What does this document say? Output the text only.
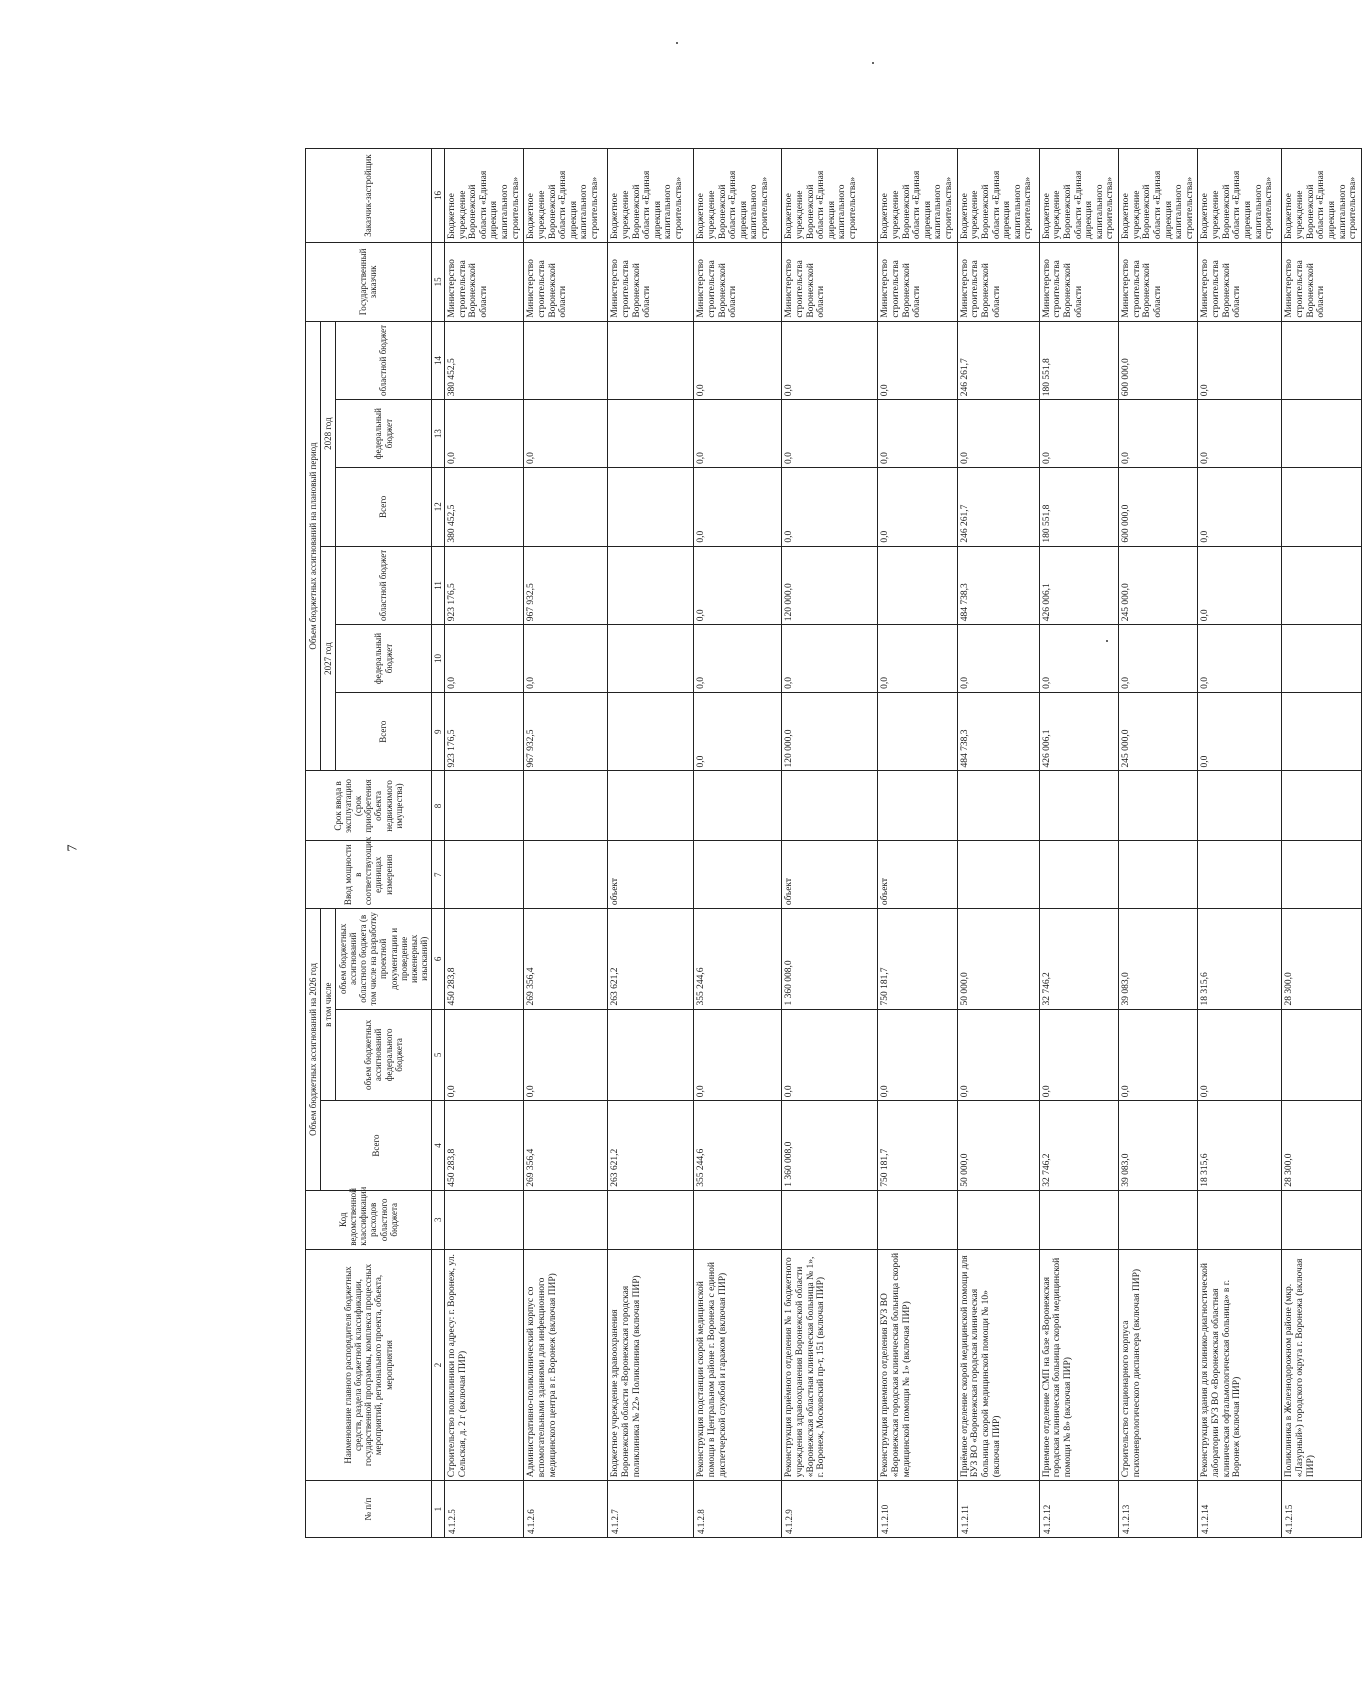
7
№ п/п	Наименование главного распорядителя бюджетных средств, раздела бюджетной классификации, государственной программы, комплекса процессных мероприятий, регионального проекта, объекта, мероприятия	Код ведомственной классификации расходов областного бюджета	Объем бюджетных ассигнований на 2026 год			Ввод мощности в соответствующих единицах измерения	Срок ввода в эксплуатацию (срок приобретения объекта недвижимого имущества)	Объем бюджетных ассигнований на плановый период						Государственный заказчик	Заказчик-застройщик
			Всего	в том числе				2027 год			2028 год				
				объем бюджетных ассигнований федерального бюджета	объем бюджетных ассигнований областного бюджета (в том числе на разработку проектной документации и проведение инженерных изысканий)			Всего	федеральный бюджет	областной бюджет	Всего	федеральный бюджет	областной бюджет		
1	2	3	4	5	6	7	8	9	10	11	12	13	14	15	16
4.1.2.5	Строительство поликлиники по адресу: г. Воронеж, ул. Сельская, д. 2 г (включая ПИР)		450 283,8	0,0	450 283,8			923 176,5	0,0	923 176,5	380 452,5	0,0	380 452,5	Министерство строительства Воронежской области	Бюджетное учреждение Воронежской области «Единая дирекция капитального строительства»
4.1.2.6	Административно-поликлинический корпус со вспомогательными зданиями для инфекционного медицинского центра в г. Воронеж (включая ПИР)		269 356,4	0,0	269 356,4			967 932,5	0,0	967 932,5		0,0		Министерство строительства Воронежской области	Бюджетное учреждение Воронежской области «Единая дирекция капитального строительства»
4.1.2.7	Бюджетное учреждение здравоохранения Воронежской области «Воронежская городская поликлиника № 22» Поликлиника (включая ПИР)		263 621,2		263 621,2	объект								Министерство строительства Воронежской области	Бюджетное учреждение Воронежской области «Единая дирекция капитального строительства»
4.1.2.8	Реконструкция подстанции скорой медицинской помощи в Центральном районе г. Воронежа с единой диспетчерской службой и гаражом (включая ПИР)		355 244,6	0,0	355 244,6			0,0	0,0	0,0	0,0	0,0	0,0	Министерство строительства Воронежской области	Бюджетное учреждение Воронежской области «Единая дирекция капитального строительства»
4.1.2.9	Реконструкция приёмного отделения № 1 бюджетного учреждения здравоохранения Воронежской области «Воронежская областная клиническая больница № 1», г. Воронеж, Московский пр-т, 151 (включая ПИР)		1 360 008,0	0,0	1 360 008,0	объект		120 000,0	0,0	120 000,0	0,0	0,0	0,0	Министерство строительства Воронежской области	Бюджетное учреждение Воронежской области «Единая дирекция капитального строительства»
4.1.2.10	Реконструкция приемного отделения БУЗ ВО «Воронежская городская клиническая больница скорой медицинской помощи № 1» (включая ПИР)		750 181,7	0,0	750 181,7	объект			0,0		0,0	0,0	0,0	Министерство строительства Воронежской области	Бюджетное учреждение Воронежской области «Единая дирекция капитального строительства»
4.1.2.11	Приёмное отделение скорой медицинской помощи для БУЗ ВО «Воронежская городская клиническая больница скорой медицинской помощи № 10» (включая ПИР)		50 000,0	0,0	50 000,0			484 738,3	0,0	484 738,3	246 261,7	0,0	246 261,7	Министерство строительства Воронежской области	Бюджетное учреждение Воронежской области «Единая дирекция капитального строительства»
4.1.2.12	Приемное отделение СМП на базе «Воронежская городская клиническая больница скорой медицинской помощи № 8» (включая ПИР)		32 746,2	0,0	32 746,2			426 006,1	0,0	426 006,1	180 551,8	0,0	180 551,8	Министерство строительства Воронежской области	Бюджетное учреждение Воронежской области «Единая дирекция капитального строительства»
4.1.2.13	Строительство стационарного корпуса психоневрологического диспансера (включая ПИР)		39 083,0	0,0	39 083,0			245 000,0	0,0	245 000,0	600 000,0	0,0	600 000,0	Министерство строительства Воронежской области	Бюджетное учреждение Воронежской области «Единая дирекция капитального строительства»
4.1.2.14	Реконструкция здания для клинико-диагностической лаборатории БУЗ ВО «Воронежская областная клиническая офтальмологическая больница» в г. Воронеж (включая ПИР)		18 315,6	0,0	18 315,6			0,0	0,0	0,0	0,0	0,0	0,0	Министерство строительства Воронежской области	Бюджетное учреждение Воронежской области «Единая дирекция капитального строительства»
4.1.2.15	Поликлиника в Железнодорожном районе (мкр. «Лазурный») городского округа г. Воронежа (включая ПИР)		28 300,0		28 300,0									Министерство строительства Воронежской области	Бюджетное учреждение Воронежской области «Единая дирекция капитального строительства»
